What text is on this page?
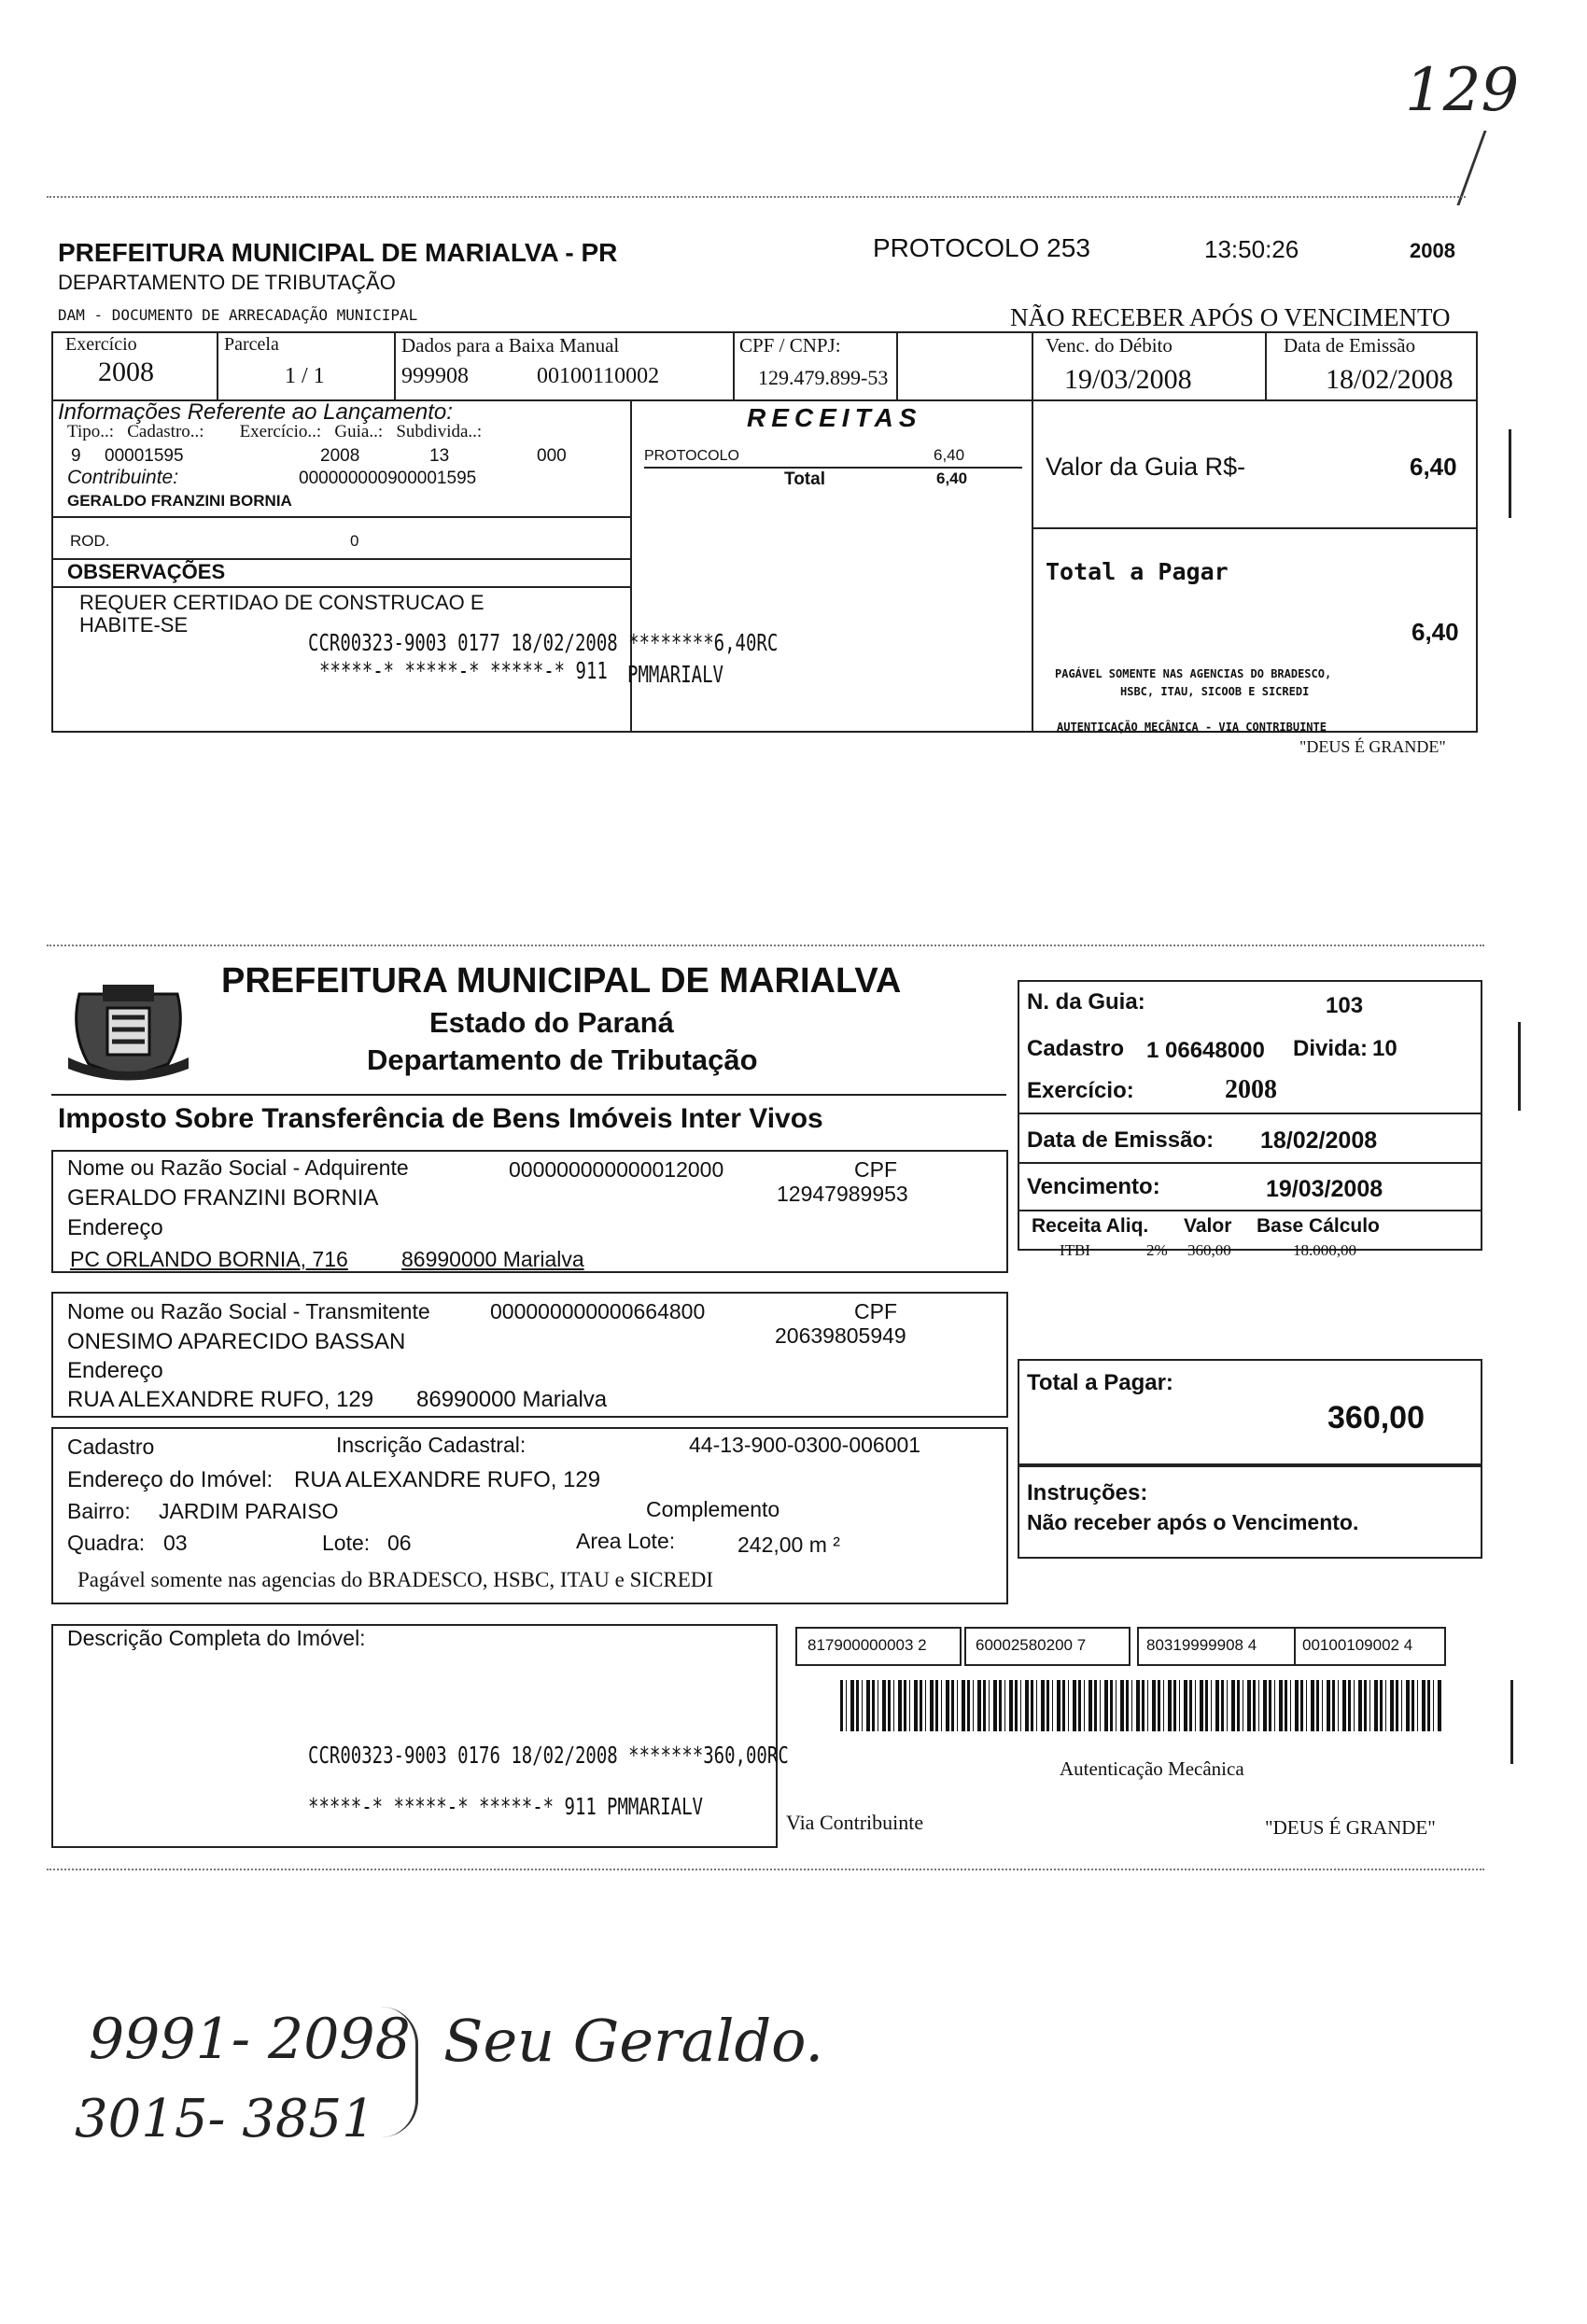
129
PREFEITURA MUNICIPAL DE MARIALVA - PR
DEPARTAMENTO DE TRIBUTAÇÃO
PROTOCOLO 253	13:50:26	2008
DAM - DOCUMENTO DE ARRECADAÇÃO MUNICIPAL	NÃO RECEBER APÓS O VENCIMENTO
Exercício	Parcela	Dados para a Baixa Manual	CPF / CNPJ:	Venc. do Débito	Data de Emissão
2008	1 / 1	999908	00100110002	129.479.899-53	19/03/2008	18/02/2008
Informações Referente ao Lançamento:
Tipo..:   Cadastro..:        Exercício..:   Guia..:   Subdivida..:
9 00001595	2008	13	000
Contribuinte:	000000000900001595
GERALDO FRANZINI BORNIA
ROD.	0
RECEITAS
PROTOCOLO	6,40
Total	6,40	Valor da Guia R$-	6,40
OBSERVAÇÕES
REQUER CERTIDAO DE CONSTRUCAO E
HABITE-SE
CCR00323-9003 0177 18/02/2008 ********6,40RC
*****-* *****-* *****-* 911 PMMARIALV
Total a Pagar
6,40
PAGÁVEL SOMENTE NAS AGENCIAS DO BRADESCO,
HSBC, ITAU, SICOOB E SICREDI
AUTENTICAÇÃO MECÂNICA - VIA CONTRIBUINTE
"DEUS É GRANDE"
PREFEITURA MUNICIPAL DE MARIALVA
Estado do Paraná
Departamento de Tributação
Imposto Sobre Transferência de Bens Imóveis Inter Vivos
Nome ou Razão Social - Adquirente	000000000000012000	CPF
12947989953
GERALDO FRANZINI BORNIA
Endereço
PC ORLANDO BORNIA, 716 86990000 Marialva
Nome ou Razão Social - Transmitente	000000000000664800	CPF
20639805949
ONESIMO APARECIDO BASSAN
Endereço
RUA ALEXANDRE RUFO, 129 86990000 Marialva
Cadastro	Inscrição Cadastral:	44-13-900-0300-006001
Endereço do Imóvel: RUA ALEXANDRE RUFO, 129
Bairro: JARDIM PARAISO	Complemento
Quadra: 03	Lote: 06	Area Lote:	242,00 m ²
Pagável somente nas agencias do BRADESCO, HSBC, ITAU e SICREDI
Descrição Completa do Imóvel:
CCR00323-9003 0176 18/02/2008 *******360,00RC
*****-* *****-* *****-* 911 PMMARIALV
Via Contribuinte
N. da Guia:	103
Cadastro 1 06648000 Divida: 10
Exercício:	2008
Data de Emissão: 18/02/2008
Vencimento:	19/03/2008
Receita Aliq. Valor Base Cálculo
ITBI	2% 360,00	18.000,00
Total a Pagar:
360,00
Instruções:
Não receber após o Vencimento.
817900000003 2	60002580200 7	80319999908 4	00100109002 4
Autenticação Mecânica
"DEUS É GRANDE"
9991- 2098
3015- 3851
Seu Geraldo.
